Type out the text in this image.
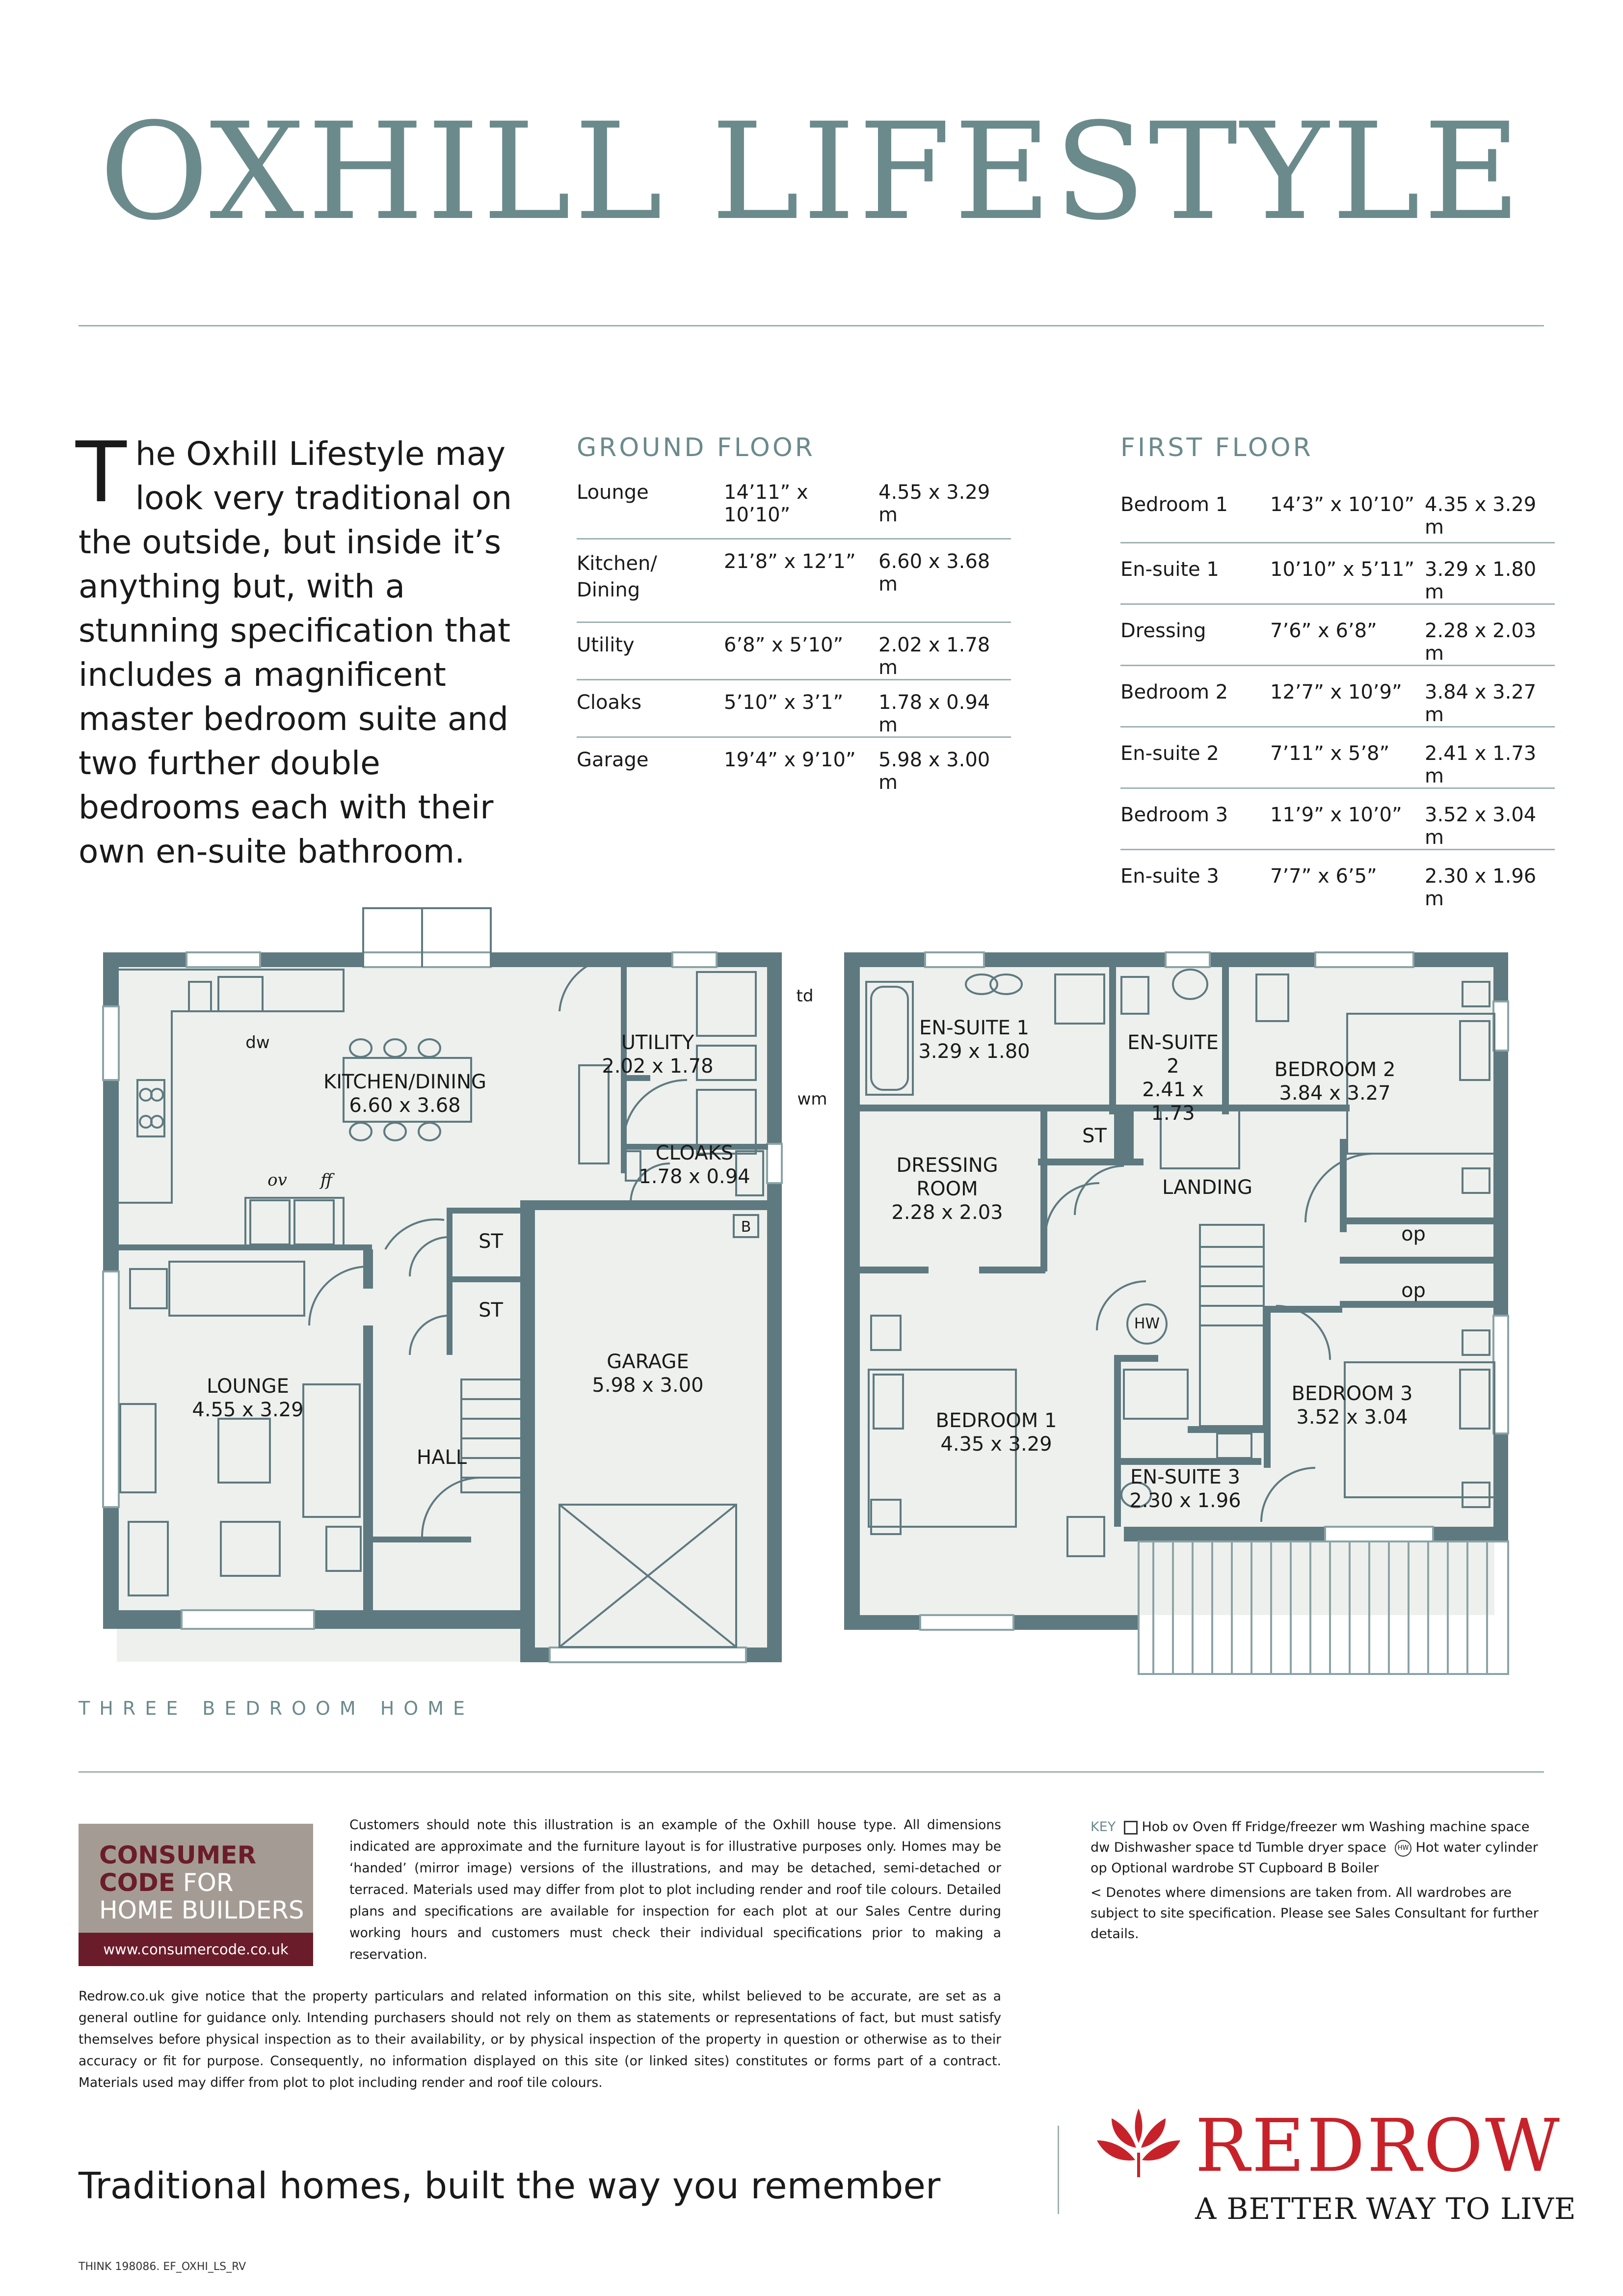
OXHILL LIFESTYLE
The Oxhill Lifestyle may look very traditional on the outside, but inside it’s anything but, with a stunning specification that includes a magnificent master bedroom suite and two further double bedrooms each with their own en-suite bathroom.
GROUND FLOOR
Lounge	14’11” x 10’10”	4.55 x 3.29 m

Kitchen/ Dining	21’8” x 12’1”	6.60 x 3.68 m
Utility	6’8” x 5’10”	2.02 x 1.78 m
Cloaks	5’10” x 3’1”	1.78 x 0.94 m
Garage	19’4” x 9’10”	5.98 x 3.00 m
FIRST FLOOR
Bedroom 1	14’3” x 10’10”	4.35 x 3.29 m
En-suite 1	10’10” x 5’11”	3.29 x 1.80 m
Dressing	7’6” x 6’8”	2.28 x 2.03 m
Bedroom 2	12’7” x 10’9”	3.84 x 3.27 m
En-suite 2	7’11” x 5’8”	2.41 x 1.73 m
Bedroom 3	11’9” x 10’0”	3.52 x 3.04 m
En-suite 3	7’7” x 6’5”	2.30 x 1.96 m
KITCHEN/DINING
6.60 x 3.68
UTILITY
2.02 x 1.78
CLOAKS
1.78 x 0.94
LOUNGE
4.55 x 3.29
GARAGE
5.98 x 3.00
HALL
ST
ST
dw
ov	ff
td
wm
B
EN-SUITE 1
3.29 x 1.80	EN-SUITE 2
2.41 x 1.73
BEDROOM 2
3.84 x 3.27
DRESSING
ROOM
2.28 x 2.03
ST
LANDING
op
op
HW
BEDROOM 1
4.35 x 3.29
BEDROOM 3
3.52 x 3.04
EN-SUITE 3
2.30 x 1.96
THREE BEDROOM HOME
CONSUMER
CODE FOR
HOME BUILDERS
www.consumercode.co.uk
Customers should note this illustration is an example of the Oxhill house type. All dimensions indicated are approximate and the furniture layout is for illustrative purposes only. Homes may be ‘handed’ (mirror image) versions of the illustrations, and may be detached, semi-detached or terraced. Materials used may differ from plot to plot including render and roof tile colours. Detailed plans and specifications are available for inspection for each plot at our Sales Centre during working hours and customers must check their individual specifications prior to making a reservation.
KEY Hob ov Oven ff Fridge/freezer wm Washing machine space
dw Dishwasher space td Tumble dryer space HW Hot water cylinder
op Optional wardrobe ST Cupboard B Boiler
< Denotes where dimensions are taken from. All wardrobes are subject to site specification. Please see Sales Consultant for further details.
Redrow.co.uk give notice that the property particulars and related information on this site, whilst believed to be accurate, are set as a general outline for guidance only. Intending purchasers should not rely on them as statements or representations of fact, but must satisfy themselves before physical inspection as to their availability, or by physical inspection of the property in question or otherwise as to their accuracy or fit for purpose. Consequently, no information displayed on this site (or linked sites) constitutes or forms part of a contract. Materials used may differ from plot to plot including render and roof tile colours.
Traditional homes, built the way you remember	REDROW
A BETTER WAY TO LIVE
THINK 198086. EF_OXHI_LS_RV
